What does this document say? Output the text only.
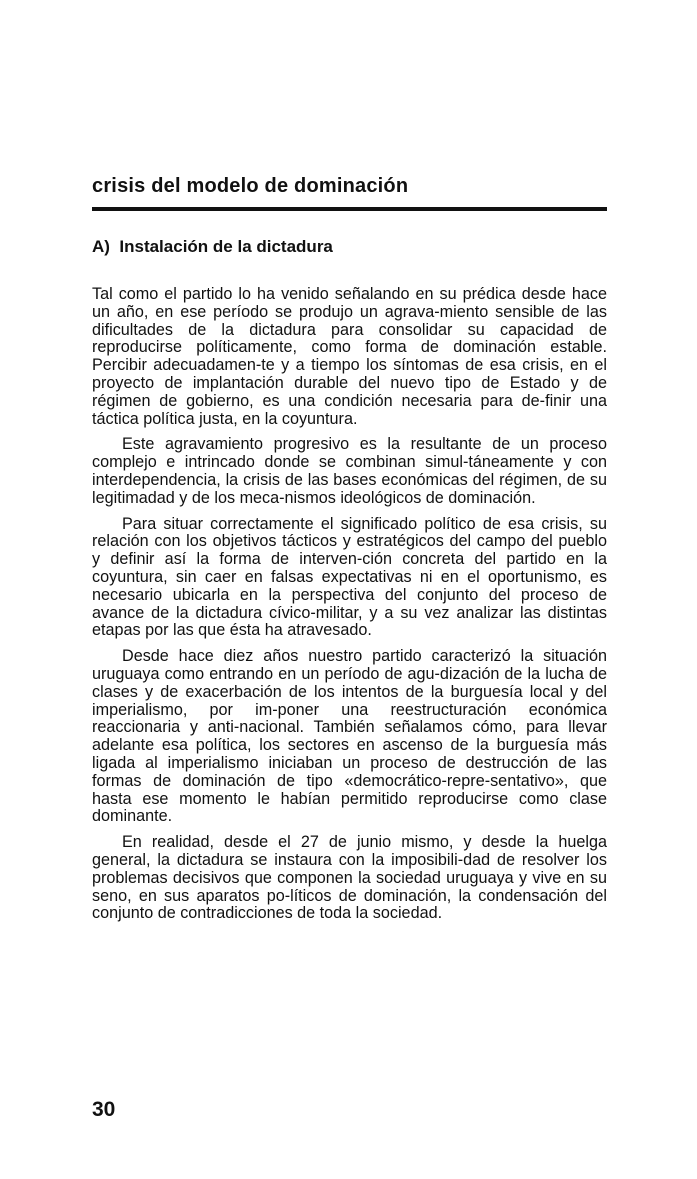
crisis del modelo de dominación
A)  Instalación de la dictadura

Tal como el partido lo ha venido señalando en su prédica desde hace un año, en ese período se produjo un agrava-miento sensible de las dificultades de la dictadura para consolidar su capacidad de reproducirse políticamente, como forma de dominación estable. Percibir adecuadamen-te y a tiempo los síntomas de esa crisis, en el proyecto de implantación durable del nuevo tipo de Estado y de régimen de gobierno, es una condición necesaria para de-finir una táctica política justa, en la coyuntura.

Este agravamiento progresivo es la resultante de un proceso complejo e intrincado donde se combinan simul-táneamente y con interdependencia, la crisis de las bases económicas del régimen, de su legitimadad y de los meca-nismos ideológicos de dominación.

Para situar correctamente el significado político de esa crisis, su relación con los objetivos tácticos y estratégicos del campo del pueblo y definir así la forma de interven-ción concreta del partido en la coyuntura, sin caer en falsas expectativas ni en el oportunismo, es necesario ubicarla en la perspectiva del conjunto del proceso de avance de la dictadura cívico-militar, y a su vez analizar las distintas etapas por las que ésta ha atravesado.

Desde hace diez años nuestro partido caracterizó la situación uruguaya como entrando en un período de agu-dización de la lucha de clases y de exacerbación de los intentos de la burguesía local y del imperialismo, por im-poner una reestructuración económica reaccionaria y anti-nacional. También señalamos cómo, para llevar adelante esa política, los sectores en ascenso de la burguesía más ligada al imperialismo iniciaban un proceso de destrucción de las formas de dominación de tipo «democrático-repre-sentativo», que hasta ese momento le habían permitido reproducirse como clase dominante.

En realidad, desde el 27 de junio mismo, y desde la huelga general, la dictadura se instaura con la imposibili-dad de resolver los problemas decisivos que componen la sociedad uruguaya y vive en su seno, en sus aparatos po-líticos de dominación, la condensación del conjunto de contradicciones de toda la sociedad.

30
